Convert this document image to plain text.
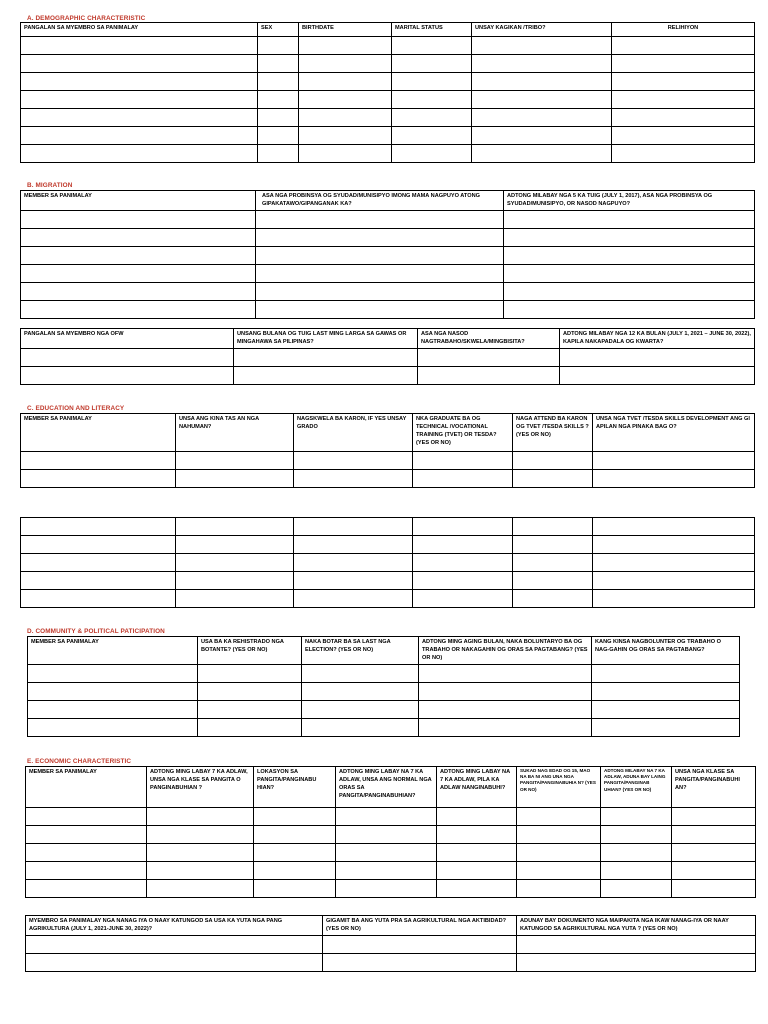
A. DEMOGRAPHIC CHARACTERISTIC
PANGALAN SA MYEMBRO SA PANIMALAY	SEX	BIRTHDATE	MARITAL STATUS	UNSAY KAGIKAN /TRIBO?	RELIHIYON

B. MIGRATION
MEMBER SA PANIMALAY	ASA NGA PROBINSYA OG SYUDAD/MUNISIPYO IMONG MAMA NAGPUYO ATONG GIPAKATAWO/GIPANGANAK KA?	ADTONG MILABAY NGA 5 KA TUIG (JULY 1, 2017), ASA NGA PROBINSYA OG SYUDAD/MUNISIPYO, OR NASOD NAGPUYO?

PANGALAN SA MYEMBRO NGA OFW	UNSANG BULANA OG TUIG LAST MING LARGA SA GAWAS OR MINGAHAWA SA PILIPINAS?	ASA NGA NASOD NAGTRABAHO/SKWELA/MINGBISITA?	ADTONG MILABAY NGA 12 KA BULAN (JULY 1, 2021 – JUNE 30, 2022), KAPILA NAKAPADALA OG KWARTA?

C. EDUCATION AND LITERACY
MEMBER SA PANIMALAY	UNSA ANG KINA TAS AN NGA NAHUMAN?	NAGSKWELA BA KARON, IF YES UNSAY GRADO	NKA GRADUATE BA OG TECHNICAL /VOCATIONAL TRAINING (TVET) OR TESDA? (YES OR NO)	NAGA ATTEND BA KARON OG TVET /TESDA SKILLS ? (YES OR NO)	UNSA NGA TVET /TESDA SKILLS DEVELOPMENT ANG GI APILAN NGA PINAKA BAG O?

D. COMMUNITY & POLITICAL PATICIPATION
MEMBER SA PANIMALAY	USA BA KA REHISTRADO NGA BOTANTE? (YES OR NO)	NAKA BOTAR BA SA LAST NGA ELECTION? (YES OR NO)	ADTONG MING AGING BULAN, NAKA BOLUNTARYO BA OG TRABAHO OR NAKAGAHIN OG ORAS SA PAGTABANG? (YES OR NO)	KANG KINSA NAGBOLUNTER OG TRABAHO O NAG-GAHIN OG ORAS SA PAGTABANG?

E. ECONOMIC CHARACTERISTIC
MEMBER SA PANIMALAY	ADTONG MING LABAY 7 KA ADLAW, UNSA NGA KLASE SA PANGITA O PANGINABUHIAN ?	LOKASYON SA PANGITA/PANGINABU HIAN?	ADTONG MING LABAY NA 7 KA ADLAW, UNSA ANG NORMAL NGA ORAS SA PANGITA/PANGINABUHIAN?	ADTONG MING LABAY NA 7 KA ADLAW, PILA KA ADLAW NANGINABUHI?	SUKAD NAG EDAD OG 15, MAO NA BA NI ANG UNA NGA PANGITA/PANGINABUHIA N? (YES OR NO)	ADTONG MILABAY NA 7 KA ADLAW, ADUNA BAY LAING PANGITA/PANGINAB UHIAN? (YES OR NO)	UNSA NGA KLASE SA PANGITA/PANGINABUHI AN?

MYEMBRO SA PANIMALAY NGA NANAG IYA O NAAY KATUNGOD SA USA KA YUTA NGA PANG AGRIKULTURA (JULY 1, 2021-JUNE 30, 2022)?	GIGAMIT BA ANG YUTA PRA SA AGRIKULTURAL NGA AKTIBIDAD? (YES OR NO)	ADUNAY BAY DOKUMENTO NGA MAIPAKITA NGA IKAW NANAG-IYA OR NAAY KATUNGOD SA AGRIKULTURAL NGA YUTA ? (YES OR NO)
